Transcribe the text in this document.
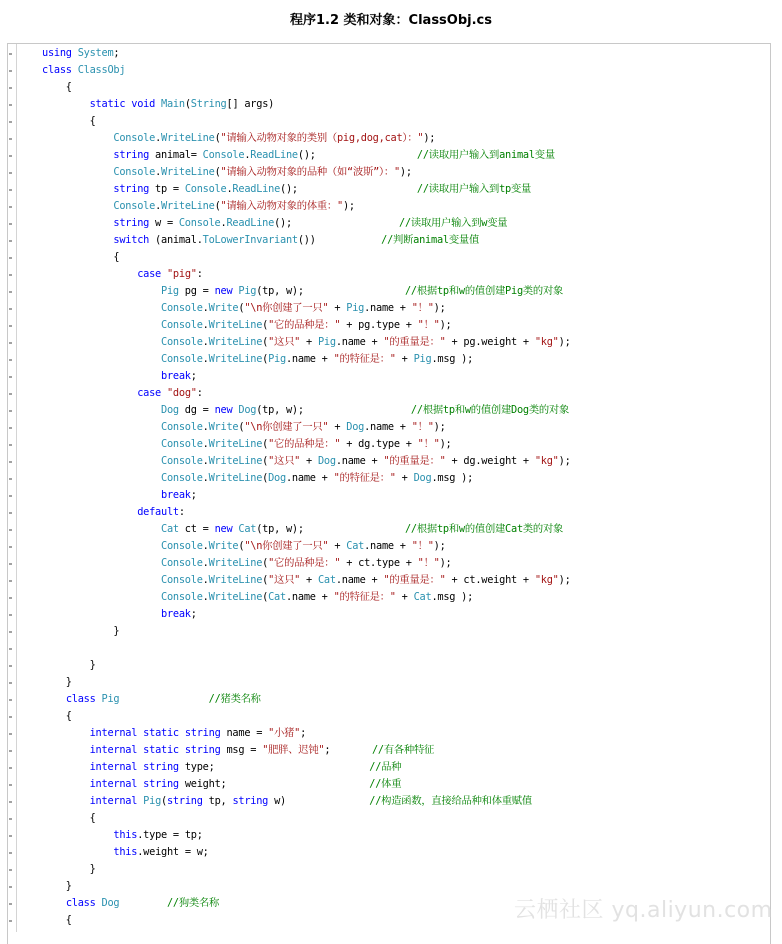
程序1.2 类和对象：ClassObj.cs
using System;
class ClassObj
{
static void Main(String[] args)
{
Console.WriteLine("请输入动物对象的类别（pig,dog,cat）：");
string animal= Console.ReadLine();                 //读取用户输入到animal变量
Console.WriteLine("请输入动物对象的品种（如“波斯”）：");
string tp = Console.ReadLine();                    //读取用户输入到tp变量
Console.WriteLine("请输入动物对象的体重：");
string w = Console.ReadLine();                  //读取用户输入到w变量
switch (animal.ToLowerInvariant())           //判断animal变量值
{
case "pig":
Pig pg = new Pig(tp, w);                 //根据tp和w的值创建Pig类的对象
Console.Write("\n你创建了一只" + Pig.name + "！");
Console.WriteLine("它的品种是：" + pg.type + "！");
Console.WriteLine("这只" + Pig.name + "的重量是：" + pg.weight + "kg");
Console.WriteLine(Pig.name + "的特征是：" + Pig.msg );
break;
case "dog":
Dog dg = new Dog(tp, w);                  //根据tp和w的值创建Dog类的对象
Console.Write("\n你创建了一只" + Dog.name + "！");
Console.WriteLine("它的品种是：" + dg.type + "！");
Console.WriteLine("这只" + Dog.name + "的重量是：" + dg.weight + "kg");
Console.WriteLine(Dog.name + "的特征是：" + Dog.msg );
break;
default:
Cat ct = new Cat(tp, w);                 //根据tp和w的值创建Cat类的对象
Console.Write("\n你创建了一只" + Cat.name + "！");
Console.WriteLine("它的品种是：" + ct.type + "！");
Console.WriteLine("这只" + Cat.name + "的重量是：" + ct.weight + "kg");
Console.WriteLine(Cat.name + "的特征是：" + Cat.msg );
break;
}
}
}
class Pig	//猪类名称
{
internal static string name = "小猪";
internal static string msg = "肥胖、迟钝";       //有各种特征
internal string type;                          //品种
internal string weight;                        //体重
internal Pig(string tp, string w)              //构造函数，直接给品种和体重赋值
{
this.type = tp;
this.weight = w;
}
}
class Dog	//狗类名称
{	云栖社区 yq.aliyun.com
